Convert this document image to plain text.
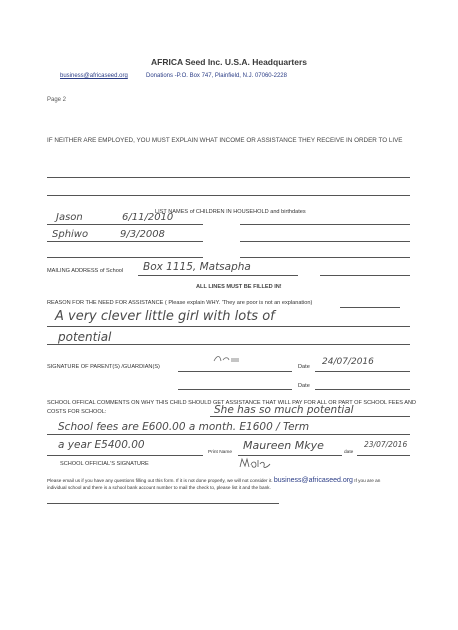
AFRICA Seed Inc. U.S.A. Headquarters
business@africaseed.org	Donations -P.O. Box 747, Plainfield, N.J. 07060-2228
Page 2
IF NEITHER ARE EMPLOYED, YOU MUST EXPLAIN WHAT INCOME OR ASSISTANCE THEY RECEIVE IN ORDER TO LIVE
LIST NAMES of CHILDREN IN HOUSEHOLD and birthdates
Jason	6/11/2010
Sphiwo	9/3/2008
MAILING ADDRESS of School Box 1115, Matsapha
ALL LINES MUST BE FILLED IN!
REASON FOR THE NEED FOR ASSISTANCE ( Please explain WHY. 'They are poor is not an explanation)
A very clever little girl with lots of
potential
SIGNATURE OF PARENT(S) /GUARDIAN(S)	Date 24/07/2016
Date
SCHOOL OFFICAL COMMENTS ON WHY THIS CHILD SHOULD GET ASSISTANCE THAT WILL PAY FOR ALL OR PART OF SCHOOL FEES AND COSTS FOR SCHOOL:	She has so much potential
School fees are E600.00 a month. E1600 / Term
a year E5400.00
Print Name
Maureen Mkye
date
23/07/2016
SCHOOL OFFICIAL'S SIGNATURE
Please email us if you have any questions filling out this form. If it is not done properly, we will not consider it. business@africaseed.org If you are an
individual school and there is a school bank account number to mail the check to, please list it and the bank.
